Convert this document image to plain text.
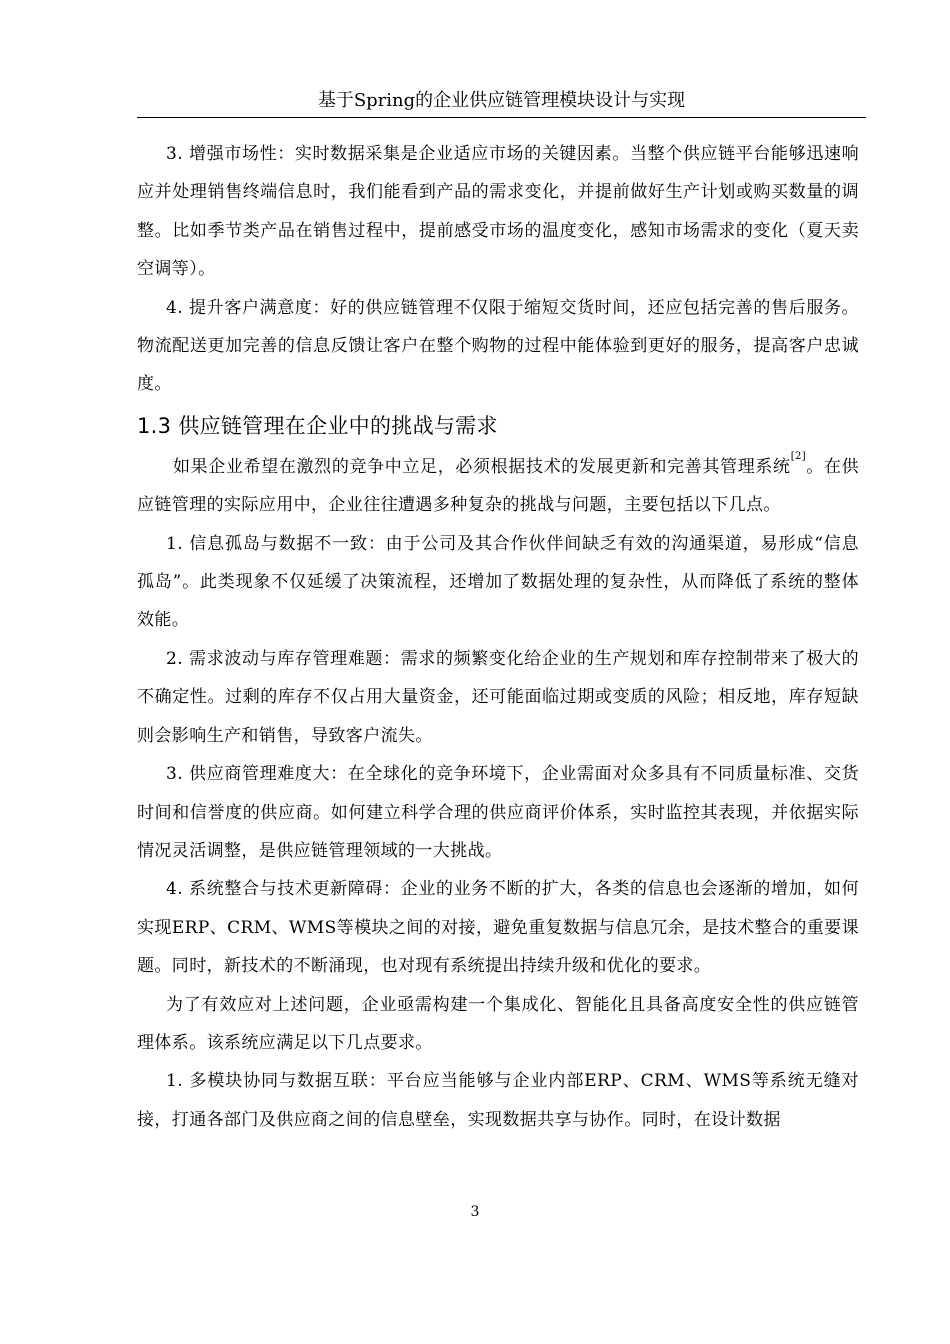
基于Spring的企业供应链管理模块设计与实现

3. 增强市场性：实时数据采集是企业适应市场的关键因素。当整个供应链平台能够迅速响应并处理销售终端信息时，我们能看到产品的需求变化，并提前做好生产计划或购买数量的调整。比如季节类产品在销售过程中，提前感受市场的温度变化，感知市场需求的变化（夏天卖空调等）。

4. 提升客户满意度：好的供应链管理不仅限于缩短交货时间，还应包括完善的售后服务。物流配送更加完善的信息反馈让客户在整个购物的过程中能体验到更好的服务，提高客户忠诚度。

1.3 供应链管理在企业中的挑战与需求

如果企业希望在激烈的竞争中立足，必须根据技术的发展更新和完善其管理系统[2]。在供应链管理的实际应用中，企业往往遭遇多种复杂的挑战与问题，主要包括以下几点。

1. 信息孤岛与数据不一致：由于公司及其合作伙伴间缺乏有效的沟通渠道，易形成“信息孤岛”。此类现象不仅延缓了决策流程，还增加了数据处理的复杂性，从而降低了系统的整体效能。

2. 需求波动与库存管理难题：需求的频繁变化给企业的生产规划和库存控制带来了极大的不确定性。过剩的库存不仅占用大量资金，还可能面临过期或变质的风险；相反地，库存短缺则会影响生产和销售，导致客户流失。

3. 供应商管理难度大：在全球化的竞争环境下，企业需面对众多具有不同质量标准、交货时间和信誉度的供应商。如何建立科学合理的供应商评价体系，实时监控其表现，并依据实际情况灵活调整，是供应链管理领域的一大挑战。

4. 系统整合与技术更新障碍：企业的业务不断的扩大，各类的信息也会逐渐的增加，如何实现ERP、CRM、WMS等模块之间的对接，避免重复数据与信息冗余，是技术整合的重要课题。同时，新技术的不断涌现，也对现有系统提出持续升级和优化的要求。

为了有效应对上述问题，企业亟需构建一个集成化、智能化且具备高度安全性的供应链管理体系。该系统应满足以下几点要求。

1. 多模块协同与数据互联：平台应当能够与企业内部ERP、CRM、WMS等系统无缝对接，打通各部门及供应商之间的信息壁垒，实现数据共享与协作。同时，在设计数据

3
